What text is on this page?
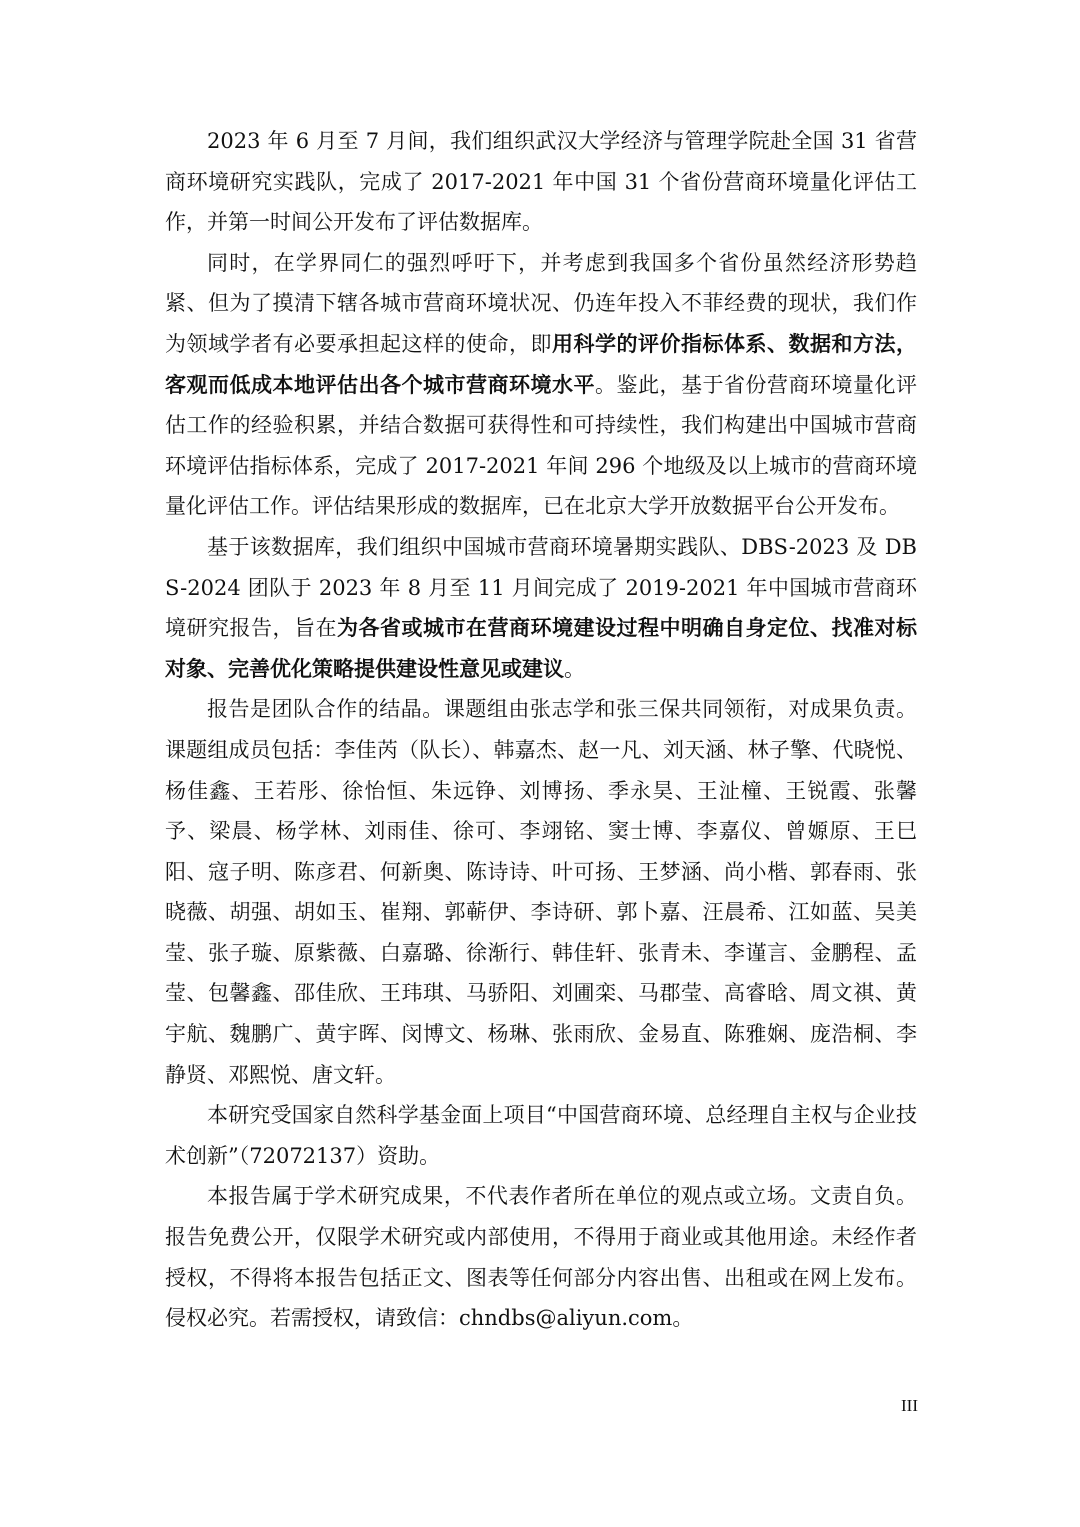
2023 年 6 月至 7 月间，我们组织武汉大学经济与管理学院赴全国 31 省营商环境研究实践队，完成了 2017-2021 年中国 31 个省份营商环境量化评估工作，并第一时间公开发布了评估数据库。

同时，在学界同仁的强烈呼吁下，并考虑到我国多个省份虽然经济形势趋紧、但为了摸清下辖各城市营商环境状况、仍连年投入不菲经费的现状，我们作为领域学者有必要承担起这样的使命，即用科学的评价指标体系、数据和方法，客观而低成本地评估出各个城市营商环境水平。鉴此，基于省份营商环境量化评估工作的经验积累，并结合数据可获得性和可持续性，我们构建出中国城市营商环境评估指标体系，完成了 2017-2021 年间 296 个地级及以上城市的营商环境量化评估工作。评估结果形成的数据库，已在北京大学开放数据平台公开发布。

基于该数据库，我们组织中国城市营商环境暑期实践队、DBS-2023 及 DBS-2024 团队于 2023 年 8 月至 11 月间完成了 2019-2021 年中国城市营商环境研究报告，旨在为各省或城市在营商环境建设过程中明确自身定位、找准对标对象、完善优化策略提供建设性意见或建议。

报告是团队合作的结晶。课题组由张志学和张三保共同领衔，对成果负责。课题组成员包括：李佳芮（队长）、韩嘉杰、赵一凡、刘天涵、林子擎、代晓悦、杨佳鑫、王若彤、徐怡恒、朱远铮、刘博扬、季永昊、王沚橦、王锐霞、张馨予、梁晨、杨学林、刘雨佳、徐可、李翊铭、窦士博、李嘉仪、曾嫄原、王巳阳、寇子明、陈彦君、何新奥、陈诗诗、叶可扬、王梦涵、尚小楷、郭春雨、张晓薇、胡强、胡如玉、崔翔、郭蕲伊、李诗研、郭卜嘉、汪晨希、江如蓝、吴美莹、张子璇、原紫薇、白嘉璐、徐渐行、韩佳轩、张青未、李谨言、金鹏程、孟莹、包馨鑫、邵佳欣、王玮琪、马骄阳、刘圃栾、马郡莹、高睿晗、周文祺、黄宇航、魏鹏广、黄宇晖、闵博文、杨琳、张雨欣、金易直、陈雅娴、庞浩桐、李静贤、邓熙悦、唐文轩。

本研究受国家自然科学基金面上项目“中国营商环境、总经理自主权与企业技术创新”（72072137）资助。

本报告属于学术研究成果，不代表作者所在单位的观点或立场。文责自负。报告免费公开，仅限学术研究或内部使用，不得用于商业或其他用途。未经作者授权，不得将本报告包括正文、图表等任何部分内容出售、出租或在网上发布。侵权必究。若需授权，请致信：chndbs@aliyun.com。

III
